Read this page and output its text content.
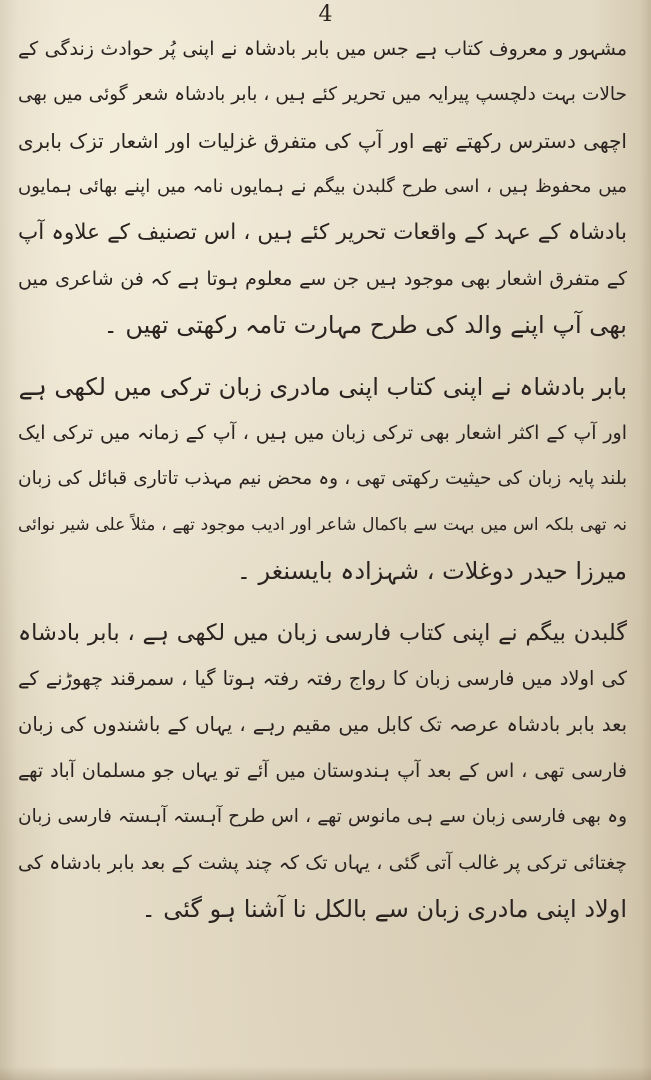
4
مشہور و معروف کتاب ہے جس میں بابر بادشاہ نے اپنی پُر حوادث زندگی کے
حالات بہت دلچسپ پیرایہ میں تحریر کئے ہیں ، بابر بادشاہ شعر گوئی میں بھی
اچھی دسترس رکھتے تھے اور آپ کی متفرق غزلیات اور اشعار تزک بابری
میں محفوظ ہیں ، اسی طرح گلبدن بیگم نے ہمایوں نامہ میں اپنے بھائی ہمایوں
بادشاہ کے عہد کے واقعات تحریر کئے ہیں ، اس تصنیف کے علاوہ آپ
کے متفرق اشعار بھی موجود ہیں جن سے معلوم ہوتا ہے کہ فن شاعری میں
بھی آپ اپنے والد کی طرح مہارت تامہ رکھتی تھیں ۔
بابر بادشاہ نے اپنی کتاب اپنی مادری زبان ترکی میں لکھی ہے
اور آپ کے اکثر اشعار بھی ترکی زبان میں ہیں ، آپ کے زمانہ میں ترکی ایک
بلند پایہ زبان کی حیثیت رکھتی تھی ، وہ محض نیم مہذب تاتاری قبائل کی زبان
نہ تھی بلکہ اس میں بہت سے باکمال شاعر اور ادیب موجود تھے ، مثلاً علی شیر نوائی
میرزا حیدر دوغلات ، شہزادہ بایسنغر ۔
گلبدن بیگم نے اپنی کتاب فارسی زبان میں لکھی ہے ، بابر بادشاہ
کی اولاد میں فارسی زبان کا رواج رفتہ رفتہ ہوتا گیا ، سمرقند چھوڑنے کے
بعد بابر بادشاہ عرصہ تک کابل میں مقیم رہے ، یہاں کے باشندوں کی زبان
فارسی تھی ، اس کے بعد آپ ہندوستان میں آئے تو یہاں جو مسلمان آباد تھے
وہ بھی فارسی زبان سے ہی مانوس تھے ، اس طرح آہستہ آہستہ فارسی زبان
چغتائی ترکی پر غالب آتی گئی ، یہاں تک کہ چند پشت کے بعد بابر بادشاہ کی
اولاد اپنی مادری زبان سے بالکل نا آشنا ہو گئی ۔
